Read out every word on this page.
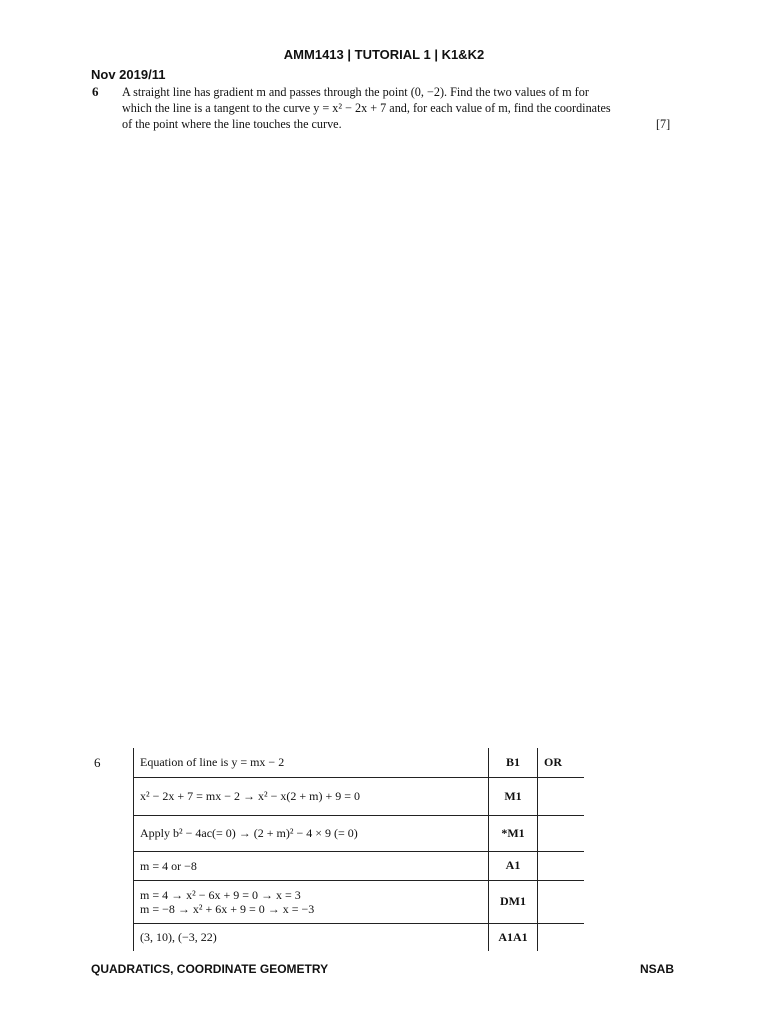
AMM1413 | TUTORIAL 1 | K1&K2
Nov 2019/11
6 A straight line has gradient m and passes through the point (0, −2). Find the two values of m for
which the line is a tangent to the curve y = x² − 2x + 7 and, for each value of m, find the coordinates
of the point where the line touches the curve.	[7]
6	Equation of line is y = mx − 2	B1	OR

x² − 2x + 7 = mx − 2 → x² − x(2 + m) + 9 = 0	M1	

Apply b² − 4ac(= 0) → (2 + m)² − 4 × 9 (= 0)	*M1	

m = 4 or −8	A1	

m = 4 → x² − 6x + 9 = 0 → x = 3
m = −8 → x² + 6x + 9 = 0 → x = −3	DM1	

(3, 10), (−3, 22)	A1A1	
QUADRATICS, COORDINATE GEOMETRY	NSAB
